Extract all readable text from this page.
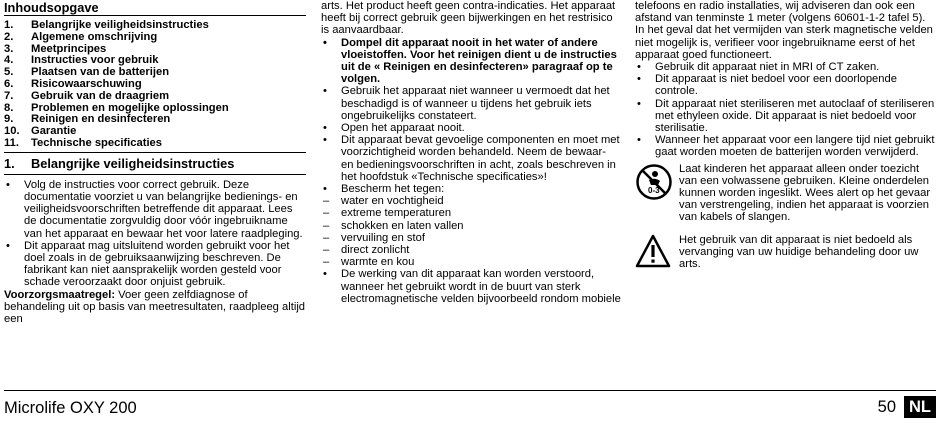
Inhoudsopgave
1.	Belangrijke veiligheidsinstructies
2.	Algemene omschrijving
3.	Meetprincipes
4.	Instructies voor gebruik
5.	Plaatsen van de batterijen
6.	Risicowaarschuwing
7.	Gebruik van de draagriem
8.	Problemen en mogelijke oplossingen
9.	Reinigen en desinfecteren
10.	Garantie
11.	Technische specificaties
1.	Belangrijke veiligheidsinstructies
• Volg de instructies voor correct gebruik. Deze documentatie voorziet u van belangrijke bedienings- en veiligheidsvoorschriften betreffende dit apparaat. Lees de documentatie zorgvuldig door vóór ingebruikname van het apparaat en bewaar het voor latere raadpleging.
• Dit apparaat mag uitsluitend worden gebruikt voor het doel zoals in de gebruiksaanwijzing beschreven. De fabrikant kan niet aansprakelijk worden gesteld voor schade veroorzaakt door onjuist gebruik.

Voorzorgsmaatregel: Voer geen zelfdiagnose of behandeling uit op basis van meetresultaten, raadpleeg altijd een

arts. Het product heeft geen contra-indicaties. Het apparaat heeft bij correct gebruik geen bijwerkingen en het restrisico is aanvaardbaar.

• Dompel dit apparaat nooit in het water of andere vloeistoffen. Voor het reinigen dient u de instructies uit de « Reinigen en desinfecteren» paragraaf op te volgen.
• Gebruik het apparaat niet wanneer u vermoedt dat het beschadigd is of wanneer u tijdens het gebruik iets ongebruikelijks constateert.
• Open het apparaat nooit.
• Dit apparaat bevat gevoelige componenten en moet met voorzichtigheid worden behandeld. Neem de bewaar- en bedieningsvoorschriften in acht, zoals beschreven in het hoofdstuk «Technische specificaties»!
• Bescherm het tegen:
– water en vochtigheid
– extreme temperaturen
– schokken en laten vallen
– vervuiling en stof
– direct zonlicht
– warmte en kou
• De werking van dit apparaat kan worden verstoord, wanneer het gebruikt wordt in de buurt van sterk electromagnetische velden bijvoorbeeld rondom mobiele

telefoons en radio installaties, wij adviseren dan ook een afstand van tenminste 1 meter (volgens 60601-1-2 tafel 5). In het geval dat het vermijden van sterk magnetische velden niet mogelijk is, verifieer voor ingebruikname eerst of het apparaat goed functioneert.

• Gebruik dit apparaat niet in MRI of CT zaken.
• Dit apparaat is niet bedoel voor een doorlopende controle.
• Dit apparaat niet steriliseren met autoclaaf of steriliseren met ethyleen oxide. Dit apparaat is niet bedoeld voor sterilisatie.
• Wanneer het apparaat voor een langere tijd niet gebruikt gaat worden moeten de batterijen worden verwijderd.
0-3
Laat kinderen het apparaat alleen onder toezicht van een volwassene gebruiken. Kleine onderdelen kunnen worden ingeslikt. Wees alert op het gevaar van verstrengeling, indien het apparaat is voorzien van kabels of slangen.
Het gebruik van dit apparaat is niet bedoeld als vervanging van uw huidige behandeling door uw arts.
Microlife OXY 200	50 NL
